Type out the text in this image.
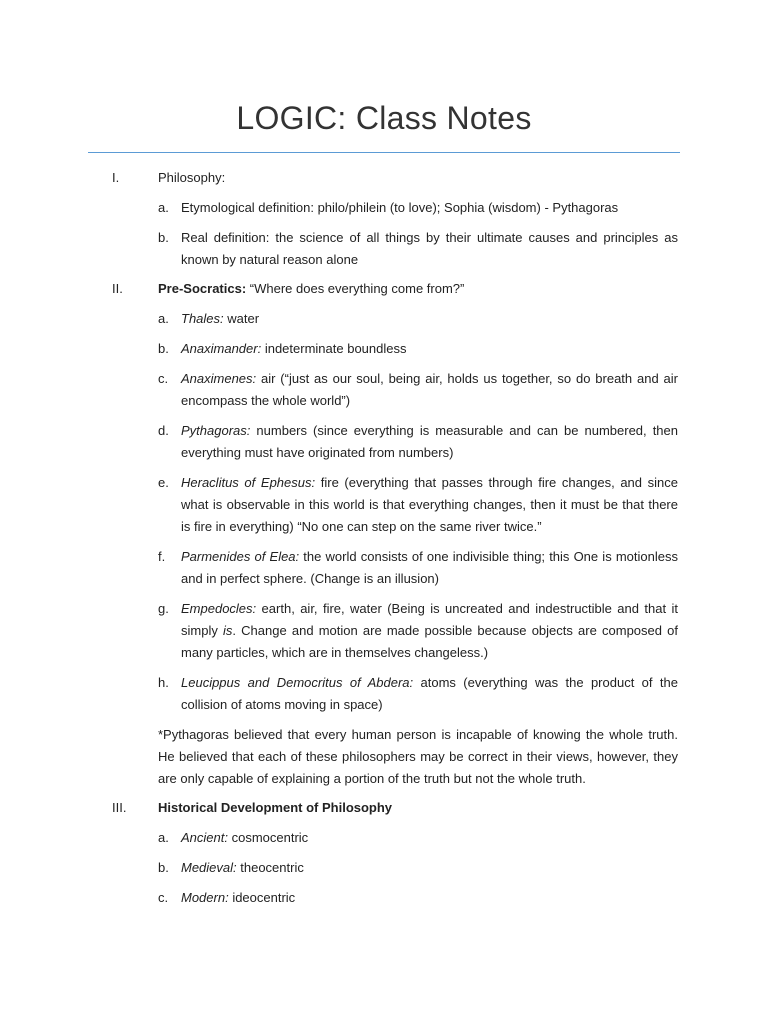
LOGIC: Class Notes
I.	Philosophy:
a. Etymological definition: philo/philein (to love); Sophia (wisdom) - Pythagoras
b. Real definition: the science of all things by their ultimate causes and principles as known by natural reason alone
II.	Pre-Socratics: “Where does everything come from?”
a. Thales: water
b. Anaximander: indeterminate boundless
c. Anaximenes: air (“just as our soul, being air, holds us together, so do breath and air encompass the whole world”)
d. Pythagoras: numbers (since everything is measurable and can be numbered, then everything must have originated from numbers)
e. Heraclitus of Ephesus: fire (everything that passes through fire changes, and since what is observable in this world is that everything changes, then it must be that there is fire in everything) “No one can step on the same river twice.”
f.	Parmenides of Elea: the world consists of one indivisible thing; this One is motionless and in perfect sphere. (Change is an illusion)
g. Empedocles: earth, air, fire, water (Being is uncreated and indestructible and that it simply is. Change and motion are made possible because objects are composed of many particles, which are in themselves changeless.)
h. Leucippus and Democritus of Abdera: atoms (everything was the product of the collision of atoms moving in space)
*Pythagoras believed that every human person is incapable of knowing the whole truth. He believed that each of these philosophers may be correct in their views, however, they are only capable of explaining a portion of the truth but not the whole truth.
III.	Historical Development of Philosophy
a. Ancient: cosmocentric
b. Medieval: theocentric
c. Modern: ideocentric
